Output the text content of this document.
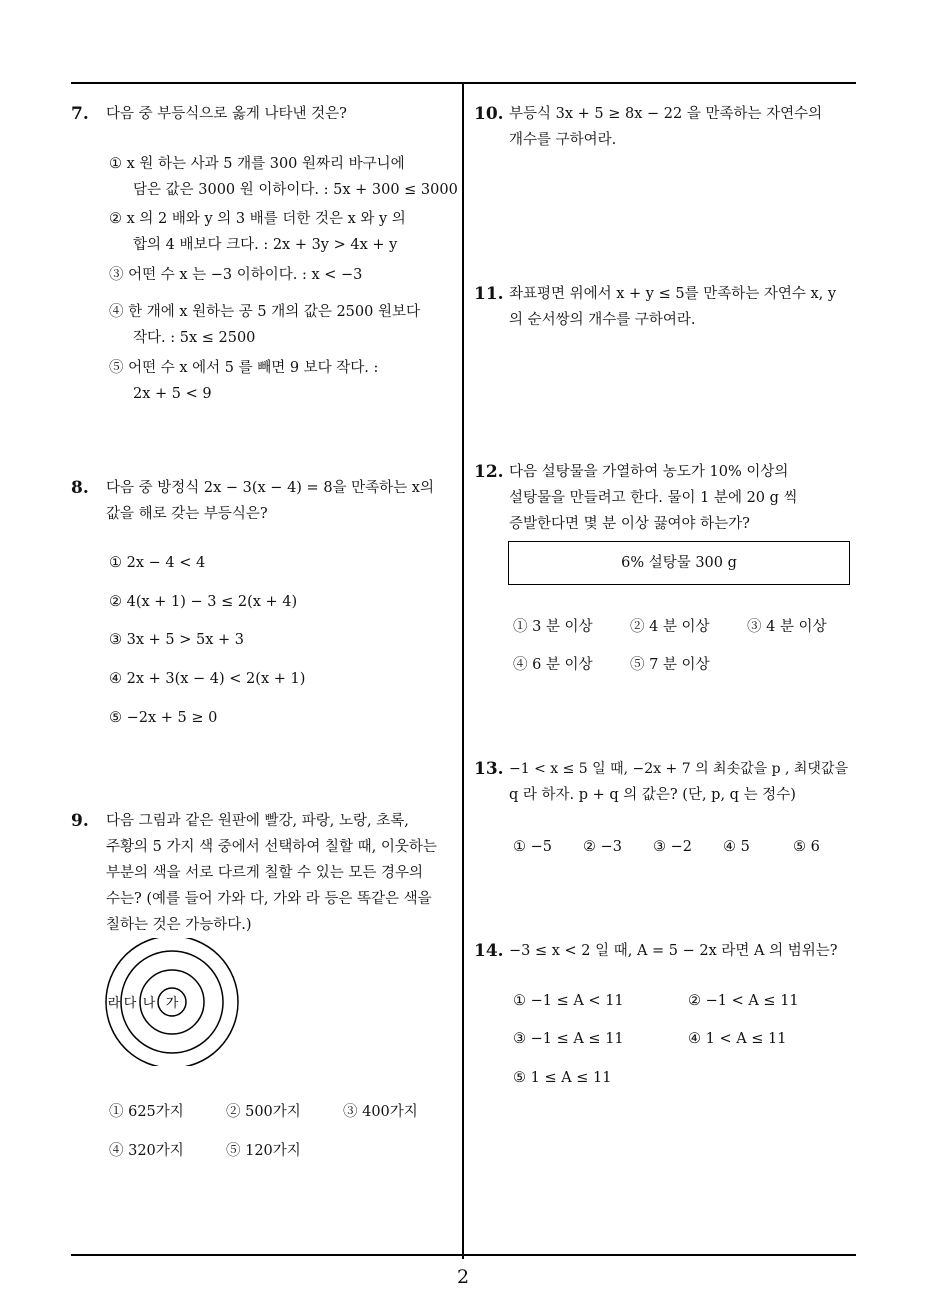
2
7. 다음 중 부등식으로 옳게 나타낸 것은?
① x 원 하는 사과 5 개를 300 원짜리 바구니에
담은 값은 3000 원 이하이다. : 5x + 300 ≤ 3000
② x 의 2 배와 y 의 3 배를 더한 것은 x 와 y 의
합의 4 배보다 크다. : 2x + 3y > 4x + y
③ 어떤 수 x 는 −3 이하이다. : x < −3
④ 한 개에 x 원하는 공 5 개의 값은 2500 원보다
작다. : 5x ≤ 2500
⑤ 어떤 수 x 에서 5 를 빼면 9 보다 작다. :
2x + 5 < 9
8. 다음 중 방정식 2x − 3(x − 4) = 8을 만족하는 x의
값을 해로 갖는 부등식은?
① 2x − 4 < 4
② 4(x + 1) − 3 ≤ 2(x + 4)
③ 3x + 5 > 5x + 3
④ 2x + 3(x − 4) < 2(x + 1)
⑤ −2x + 5 ≥ 0
9. 다음 그림과 같은 원판에 빨강, 파랑, 노랑, 초록,
주황의 5 가지 색 중에서 선택하여 칠할 때, 이웃하는
부분의 색을 서로 다르게 칠할 수 있는 모든 경우의
수는? (예를 들어 가와 다, 가와 라 등은 똑같은 색을
칠하는 것은 가능하다.)
라 다 나 가
① 625가지	② 500가지	③ 400가지
④ 320가지	⑤ 120가지
10. 부등식 3x + 5 ≥ 8x − 22 을 만족하는 자연수의
개수를 구하여라.
11. 좌표평면 위에서 x + y ≤ 5를 만족하는 자연수 x, y
의 순서쌍의 개수를 구하여라.
12. 다음 설탕물을 가열하여 농도가 10% 이상의
설탕물을 만들려고 한다. 물이 1 분에 20 g 씩
증발한다면 몇 분 이상 끓여야 하는가?
6% 설탕물 300 g
① 3 분 이상	② 4 분 이상	③ 4 분 이상
④ 6 분 이상	⑤ 7 분 이상
13. −1 < x ≤ 5 일 때, −2x + 7 의 최솟값을 p , 최댓값을
q 라 하자. p + q 의 값은? (단, p, q 는 정수)
① −5 ② −3 ③ −2 ④ 5	⑤ 6
14. −3 ≤ x < 2 일 때, A = 5 − 2x 라면 A 의 범위는?
① −1 ≤ A < 11	② −1 < A ≤ 11
③ −1 ≤ A ≤ 11	④ 1 < A ≤ 11
⑤ 1 ≤ A ≤ 11
